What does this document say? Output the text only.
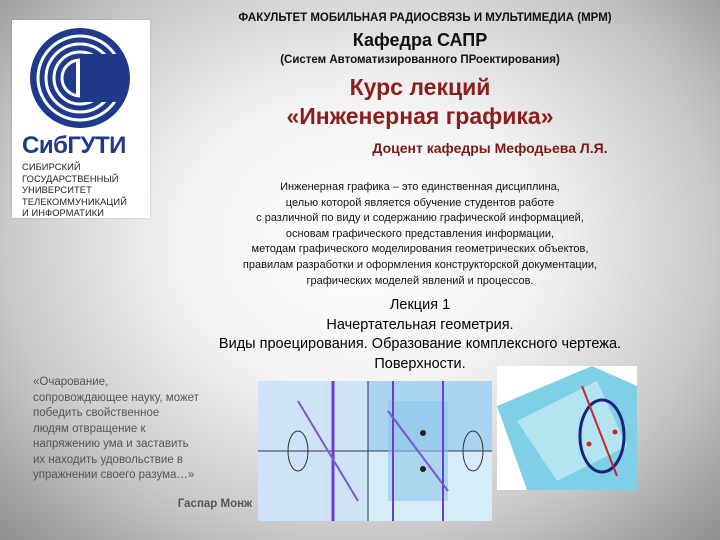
СибГУТИ
СИБИРСКИЙ
ГОСУДАРСТВЕННЫЙ
УНИВЕРСИТЕТ
ТЕЛЕКОММУНИКАЦИЙ
И ИНФОРМАТИКИ
ФАКУЛЬТЕТ МОБИЛЬНАЯ РАДИОСВЯЗЬ И МУЛЬТИМЕДИА (МРМ)
Кафедра САПР
(Систем Автоматизированного ПРоектирования)
Курс лекций
«Инженерная графика»
Доцент кафедры Мефодьева Л.Я.
Инженерная графика – это единственная дисциплина,
целью которой является обучение студентов работе
с различной по виду и содержанию графической информацией,
основам графического представления информации,
методам графического моделирования геометрических объектов,
правилам разработки и оформления конструкторской документации,
графических моделей явлений и процессов.
Лекция 1
Начертательная геометрия.
Виды проецирования. Образование комплексного чертежа.
Поверхности.
«Очарование,
сопровождающее науку, может
победить свойственное
людям отвращение к
напряжению ума и заставить
их находить удовольствие в
упражнении своего разума…»
Гаспар Монж
